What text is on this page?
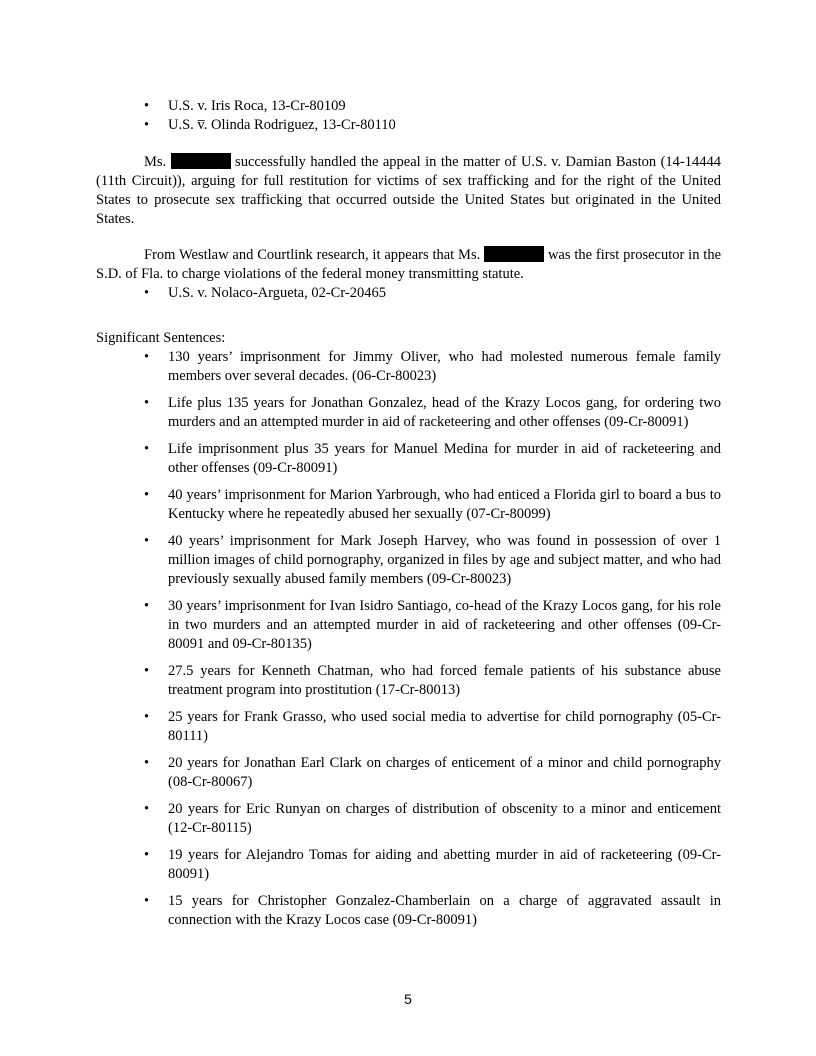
•
U.S. v. Iris Roca, 13-Cr-80109
•
U.S. v̅. Olinda Rodriguez, 13-Cr-80110

Ms.	successfully handled the appeal in the matter of U.S. v. Damian Baston (14-14444 (11th Circuit)), arguing for full restitution for victims of sex trafficking and for the right of the United States to prosecute sex trafficking that occurred outside the United States but originated in the United States.

From Westlaw and Courtlink research, it appears that Ms.	was the first prosecutor in the S.D. of Fla. to charge violations of the federal money transmitting statute.

•
U.S. v. Nolaco-Argueta, 02-Cr-20465

Significant Sentences:

•
130 years’ imprisonment for Jimmy Oliver, who had molested numerous female family members over several decades. (06-Cr-80023)
•
Life plus 135 years for Jonathan Gonzalez, head of the Krazy Locos gang, for ordering two murders and an attempted murder in aid of racketeering and other offenses (09-Cr-80091)
•
Life imprisonment plus 35 years for Manuel Medina for murder in aid of racketeering and other offenses (09-Cr-80091)
•
40 years’ imprisonment for Marion Yarbrough, who had enticed a Florida girl to board a bus to Kentucky where he repeatedly abused her sexually (07-Cr-80099)
•
40 years’ imprisonment for Mark Joseph Harvey, who was found in possession of over 1 million images of child pornography, organized in files by age and subject matter, and who had previously sexually abused family members (09-Cr-80023)
•
30 years’ imprisonment for Ivan Isidro Santiago, co-head of the Krazy Locos gang, for his role in two murders and an attempted murder in aid of racketeering and other offenses (09-Cr-80091 and 09-Cr-80135)
•
27.5 years for Kenneth Chatman, who had forced female patients of his substance abuse treatment program into prostitution (17-Cr-80013)
•
25 years for Frank Grasso, who used social media to advertise for child pornography (05-Cr-80111)
•
20 years for Jonathan Earl Clark on charges of enticement of a minor and child pornography (08-Cr-80067)
•
20 years for Eric Runyan on charges of distribution of obscenity to a minor and enticement (12-Cr-80115)
•
19 years for Alejandro Tomas for aiding and abetting murder in aid of racketeering (09-Cr-80091)
•
15 years for Christopher Gonzalez-Chamberlain on a charge of aggravated assault in connection with the Krazy Locos case (09-Cr-80091)
5
